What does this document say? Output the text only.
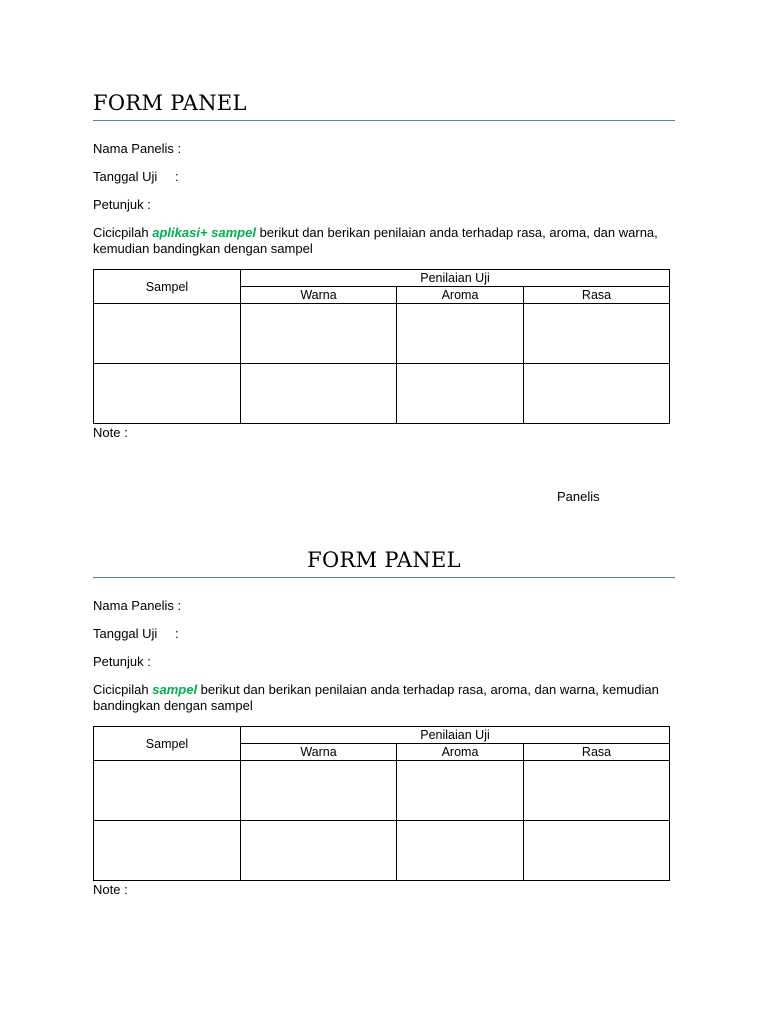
FORM PANEL
Nama Panelis :
Tanggal Uji :
Petunjuk :
Cicicpilah aplikasi+ sampel berikut dan berikan penilaian anda terhadap rasa, aroma, dan warna, kemudian bandingkan dengan sampel
Sampel	Penilaian Uji		
	Warna	Aroma	Rasa

Note :
Panelis
FORM PANEL
Nama Panelis :
Tanggal Uji :
Petunjuk :
Cicicpilah sampel berikut dan berikan penilaian anda terhadap rasa, aroma, dan warna, kemudian bandingkan dengan sampel
Sampel	Penilaian Uji		
	Warna	Aroma	Rasa

Note :
